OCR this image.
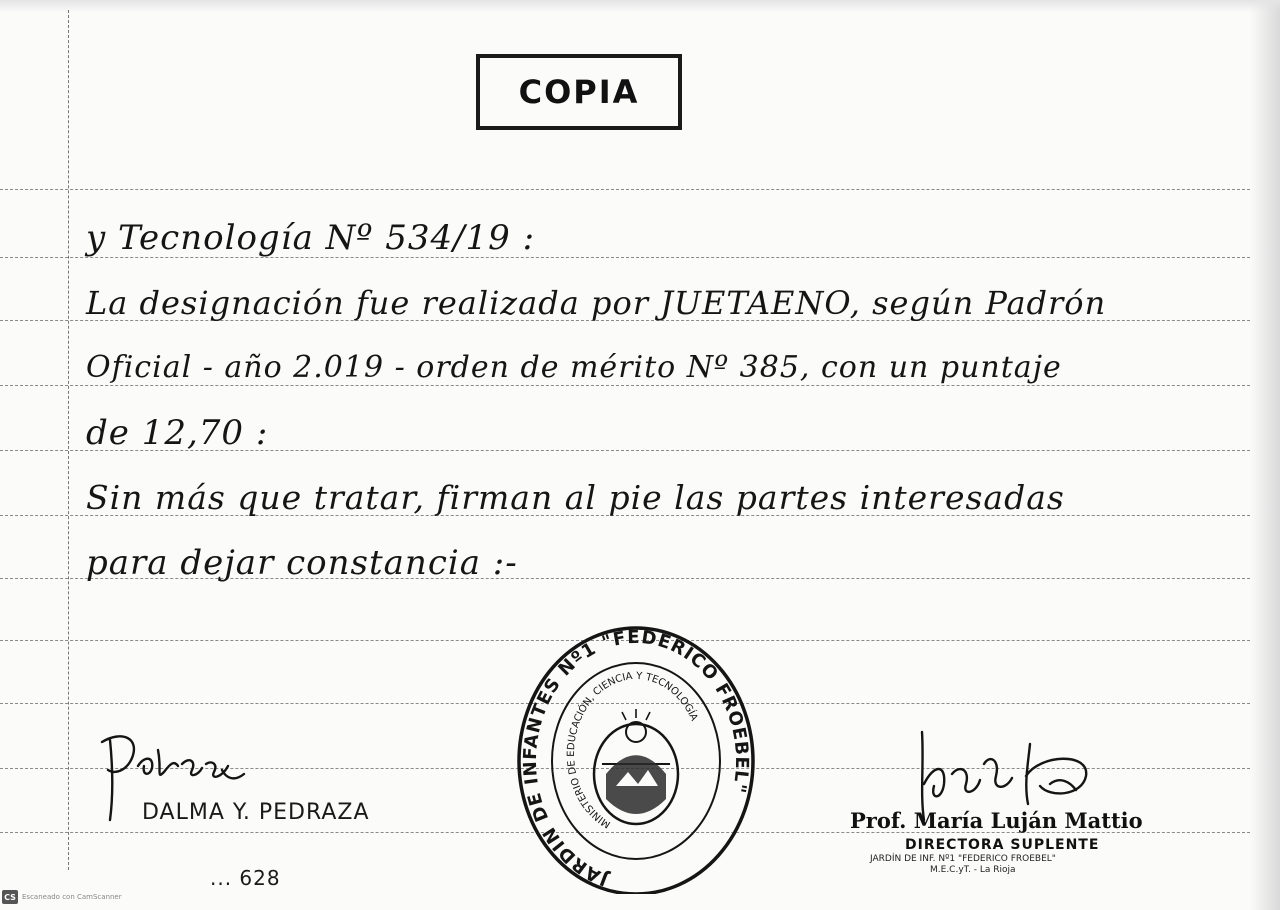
COPIA
y Tecnología Nº 534/19 :
La designación fue realizada por JUETAENO, según Padrón
Oficial - año 2.019 - orden de mérito Nº 385, con un puntaje
de 12,70 :
Sin más que tratar, firman al pie las partes interesadas
para dejar constancia :-
DALMA Y. PEDRAZA
... 628	JARDÍN DE INFANTES Nº1 "FEDERICO FROEBEL"
MINISTERIO DE EDUCACIÓN, CIENCIA Y TECNOLOGÍA
Prof. María Luján Mattio
DIRECTORA SUPLENTE
JARDÍN DE INF. Nº1 "FEDERICO FROEBEL"
M.E.C.yT. - La Rioja
CS Escaneado con CamScanner
